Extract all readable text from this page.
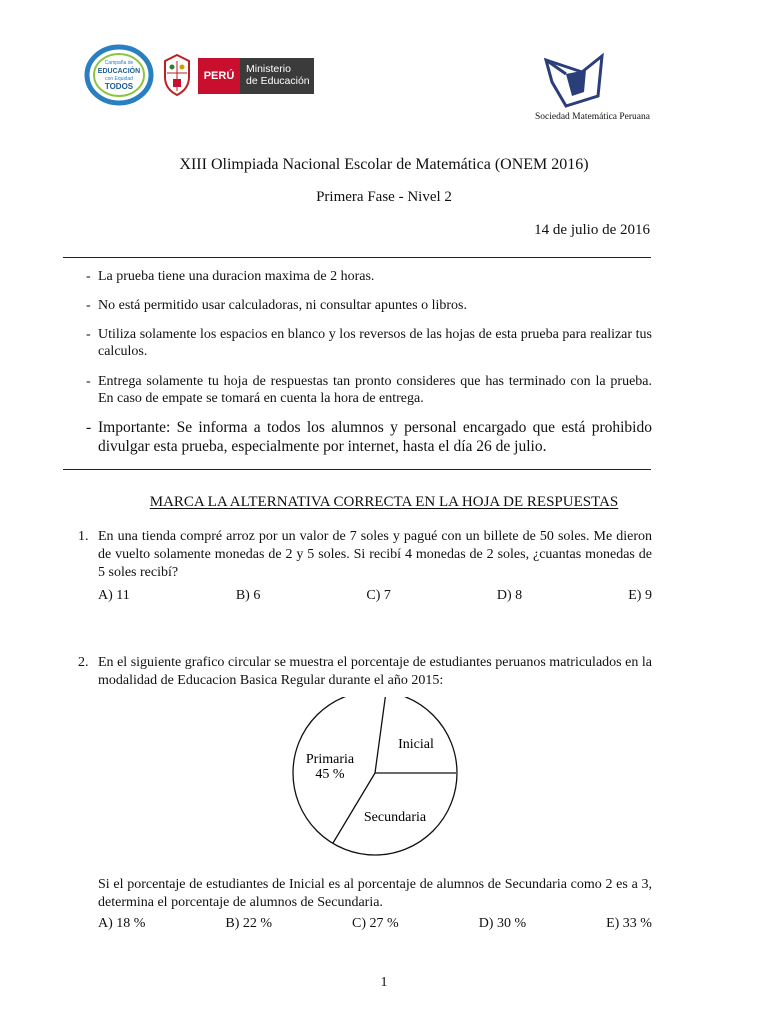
Campaña de
EDUCACIÓN
con Equidad
TODOS
PERÚ
Ministerio
de Educación
Sociedad Matemática Peruana
XIII Olimpiada Nacional Escolar de Matemática (ONEM 2016)
Primera Fase - Nivel 2
14 de julio de 2016
- La prueba tiene una duracion maxima de 2 horas.
- No está permitido usar calculadoras, ni consultar apuntes o libros.
- Utiliza solamente los espacios en blanco y los reversos de las hojas de esta prueba para realizar tus calculos.
- Entrega solamente tu hoja de respuestas tan pronto consideres que has terminado con la prueba. En caso de empate se tomará en cuenta la hora de entrega.
- Importante: Se informa a todos los alumnos y personal encargado que está prohibido divulgar esta prueba, especialmente por internet, hasta el día 26 de julio.
MARCA LA ALTERNATIVA CORRECTA EN LA HOJA DE RESPUESTAS
1. En una tienda compré arroz por un valor de 7 soles y pagué con un billete de 50 soles. Me dieron de vuelto solamente monedas de 2 y 5 soles. Si recibí 4 monedas de 2 soles, ¿cuantas monedas de 5 soles recibí?
A) 11	B) 6	C) 7	D) 8	E) 9
2. En el siguiente grafico circular se muestra el porcentaje de estudiantes peruanos matriculados en la modalidad de Educacion Basica Regular durante el año 2015:
Primaria
45 %
Inicial
Secundaria
Si el porcentaje de estudiantes de Inicial es al porcentaje de alumnos de Secundaria como 2 es a 3, determina el porcentaje de alumnos de Secundaria.
A) 18 %	B) 22 %	C) 27 %	D) 30 %	E) 33 %
1
